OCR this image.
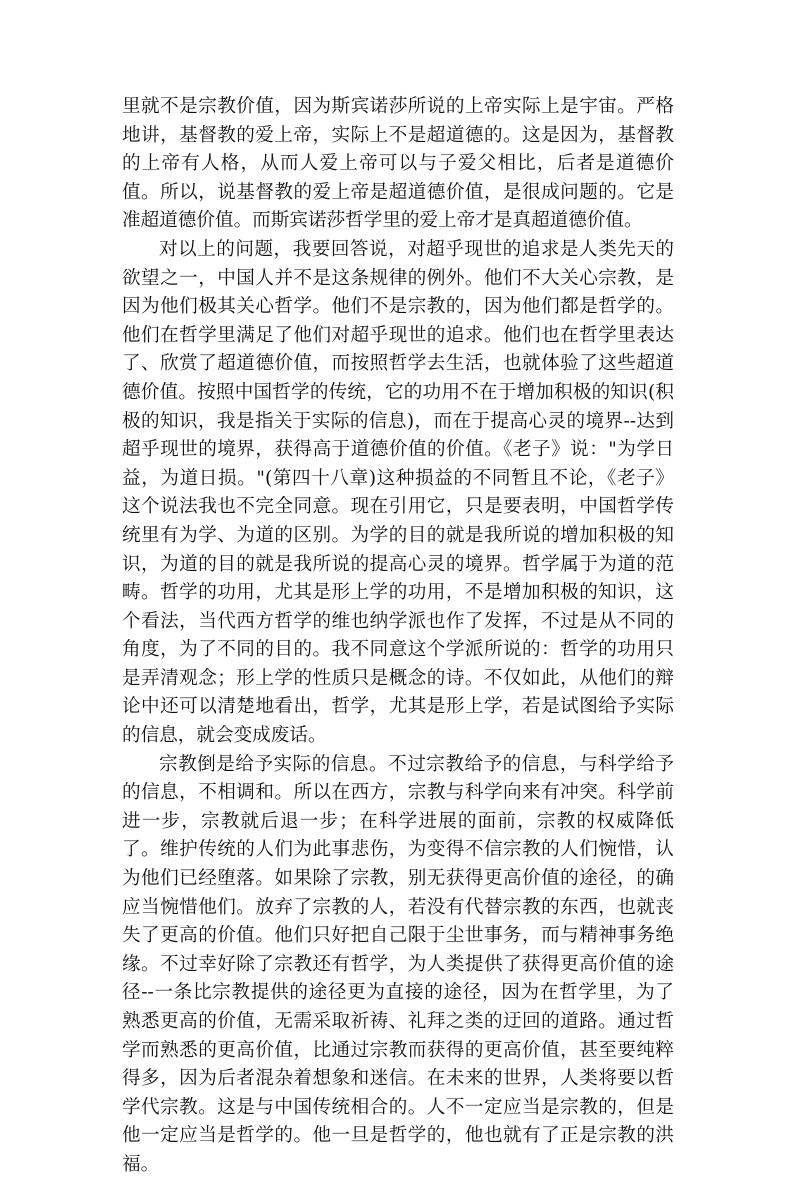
里就不是宗教价值，因为斯宾诺莎所说的上帝实际上是宇宙。严格
地讲，基督教的爱上帝，实际上不是超道德的。这是因为，基督教
的上帝有人格，从而人爱上帝可以与子爱父相比，后者是道德价
值。所以，说基督教的爱上帝是超道德价值，是很成问题的。它是
准超道德价值。而斯宾诺莎哲学里的爱上帝才是真超道德价值。
对以上的问题，我要回答说，对超乎现世的追求是人类先天的
欲望之一，中国人并不是这条规律的例外。他们不大关心宗教，是
因为他们极其关心哲学。他们不是宗教的，因为他们都是哲学的。
他们在哲学里满足了他们对超乎现世的追求。他们也在哲学里表达
了、欣赏了超道德价值，而按照哲学去生活，也就体验了这些超道
德价值。按照中国哲学的传统，它的功用不在于增加积极的知识(积
极的知识，我是指关于实际的信息)，而在于提高心灵的境界--达到
超乎现世的境界，获得高于道德价值的价值。《老子》说："为学日
益，为道日损。"(第四十八章)这种损益的不同暂且不论，《老子》
这个说法我也不完全同意。现在引用它，只是要表明，中国哲学传
统里有为学、为道的区别。为学的目的就是我所说的增加积极的知
识，为道的目的就是我所说的提高心灵的境界。哲学属于为道的范
畴。哲学的功用，尤其是形上学的功用，不是增加积极的知识，这
个看法，当代西方哲学的维也纳学派也作了发挥，不过是从不同的
角度，为了不同的目的。我不同意这个学派所说的：哲学的功用只
是弄清观念；形上学的性质只是概念的诗。不仅如此，从他们的辩
论中还可以清楚地看出，哲学，尤其是形上学，若是试图给予实际
的信息，就会变成废话。
宗教倒是给予实际的信息。不过宗教给予的信息，与科学给予
的信息，不相调和。所以在西方，宗教与科学向来有冲突。科学前
进一步，宗教就后退一步；在科学进展的面前，宗教的权威降低
了。维护传统的人们为此事悲伤，为变得不信宗教的人们惋惜，认
为他们已经堕落。如果除了宗教，别无获得更高价值的途径，的确
应当惋惜他们。放弃了宗教的人，若没有代替宗教的东西，也就丧
失了更高的价值。他们只好把自己限于尘世事务，而与精神事务绝
缘。不过幸好除了宗教还有哲学，为人类提供了获得更高价值的途
径--一条比宗教提供的途径更为直接的途径，因为在哲学里，为了
熟悉更高的价值，无需采取祈祷、礼拜之类的迂回的道路。通过哲
学而熟悉的更高价值，比通过宗教而获得的更高价值，甚至要纯粹
得多，因为后者混杂着想象和迷信。在未来的世界，人类将要以哲
学代宗教。这是与中国传统相合的。人不一定应当是宗教的，但是
他一定应当是哲学的。他一旦是哲学的，他也就有了正是宗教的洪
福。
